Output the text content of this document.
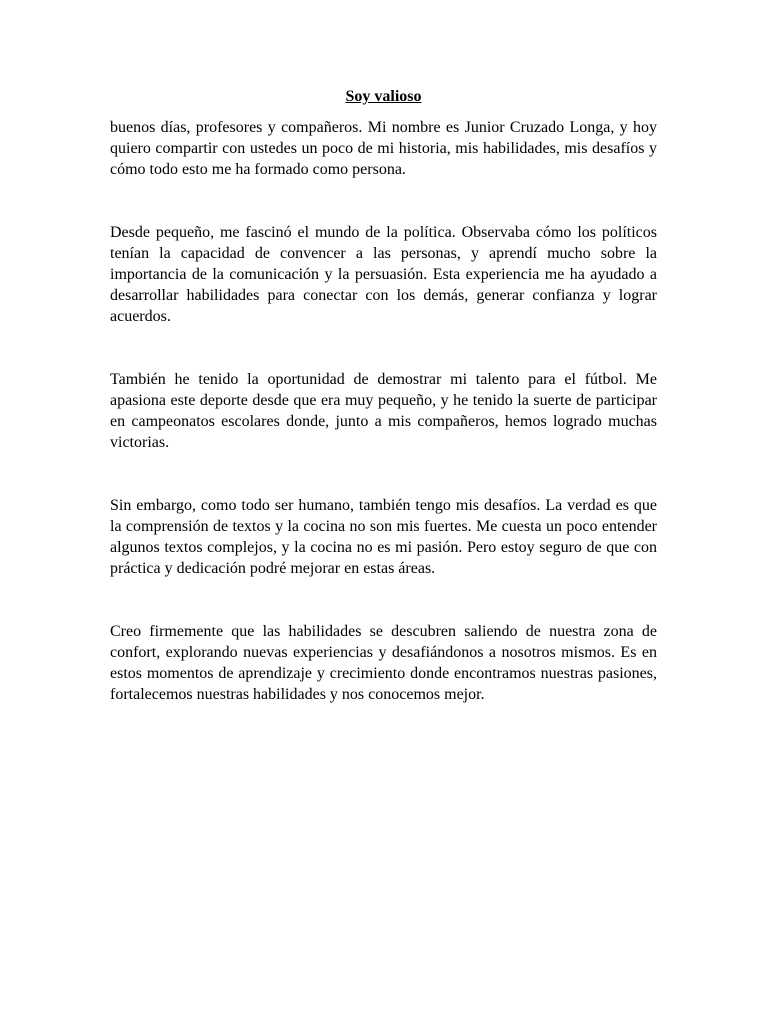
Soy valioso

buenos días, profesores y compañeros. Mi nombre es Junior Cruzado Longa, y hoy quiero compartir con ustedes un poco de mi historia, mis habilidades, mis desafíos y cómo todo esto me ha formado como persona.

Desde pequeño, me fascinó el mundo de la política. Observaba cómo los políticos tenían la capacidad de convencer a las personas, y aprendí mucho sobre la importancia de la comunicación y la persuasión. Esta experiencia me ha ayudado a desarrollar habilidades para conectar con los demás, generar confianza y lograr acuerdos.

También he tenido la oportunidad de demostrar mi talento para el fútbol. Me apasiona este deporte desde que era muy pequeño, y he tenido la suerte de participar en campeonatos escolares donde, junto a mis compañeros, hemos logrado muchas victorias.

Sin embargo, como todo ser humano, también tengo mis desafíos. La verdad es que la comprensión de textos y la cocina no son mis fuertes. Me cuesta un poco entender algunos textos complejos, y la cocina no es mi pasión. Pero estoy seguro de que con práctica y dedicación podré mejorar en estas áreas.

Creo firmemente que las habilidades se descubren saliendo de nuestra zona de confort, explorando nuevas experiencias y desafiándonos a nosotros mismos. Es en estos momentos de aprendizaje y crecimiento donde encontramos nuestras pasiones, fortalecemos nuestras habilidades y nos conocemos mejor.
